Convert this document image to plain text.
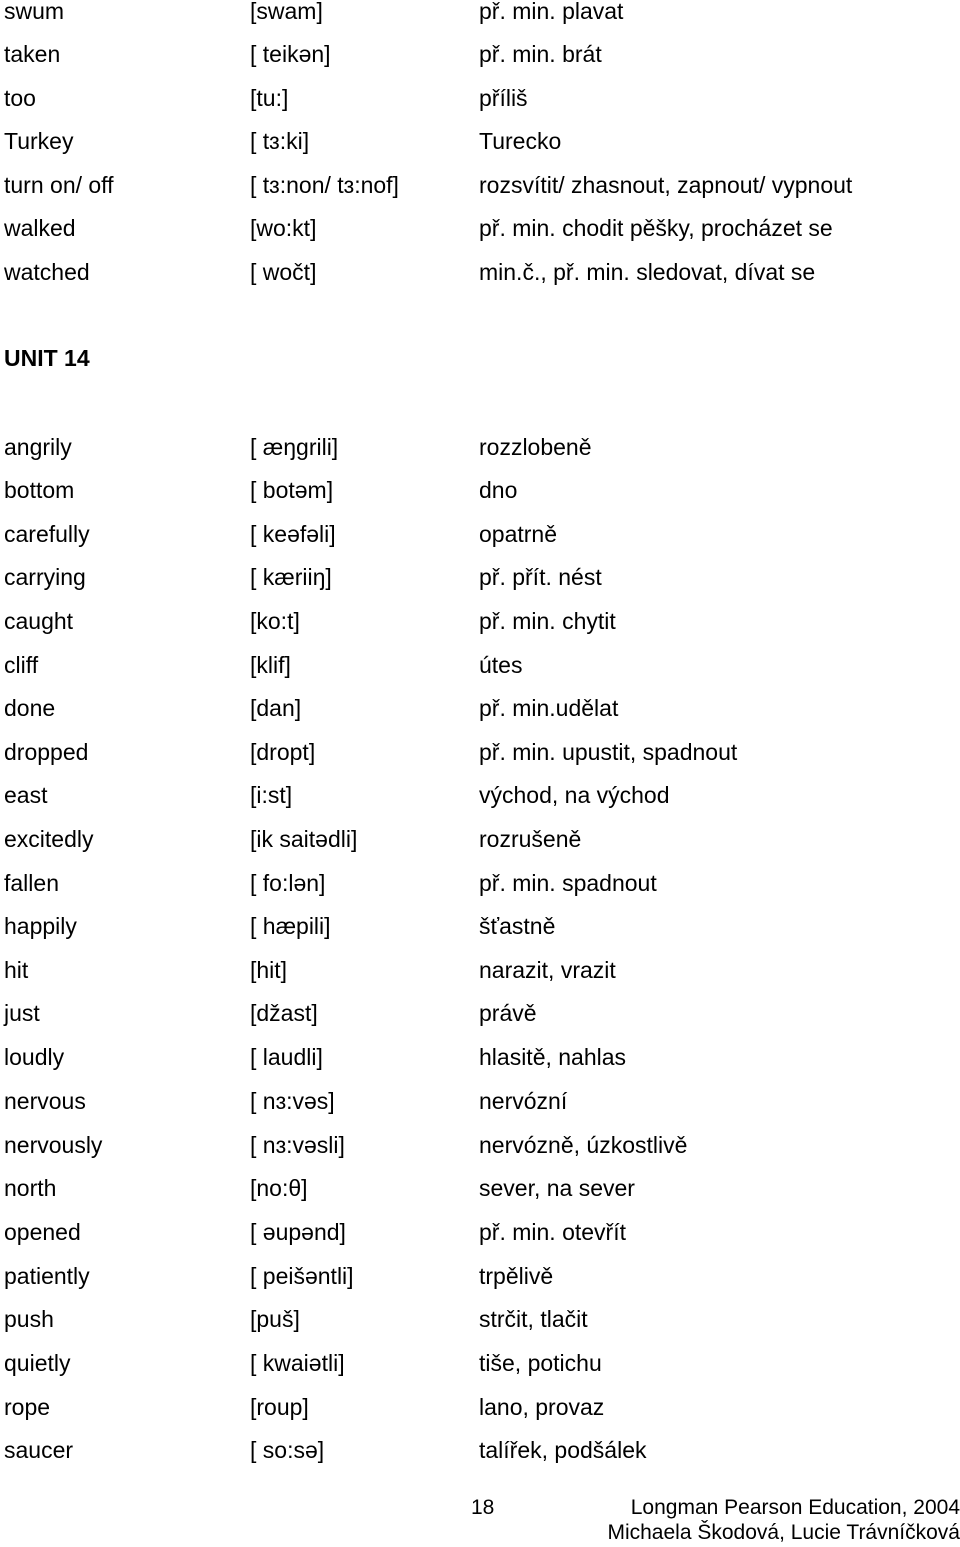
swum	[swam]	př. min. plavat
taken	[ teikən]	př. min. brát
too	[tu:]	příliš
Turkey	[ tɜ:ki]	Turecko
turn on/ off	[ tɜ:non/ tɜ:nof]	rozsvítit/ zhasnout, zapnout/ vypnout
walked	[wo:kt]	př. min. chodit pěšky, procházet se
watched	[ wočt]	min.č., př. min. sledovat, dívat se
UNIT 14
angrily	[ æŋgrili]	rozzlobeně
bottom	[ botəm]	dno
carefully	[ keəfəli]	opatrně
carrying	[ kæriiŋ]	př. přít. nést
caught	[ko:t]	př. min. chytit
cliff	[klif]	útes
done	[dan]	př. min.udělat
dropped	[dropt]	př. min. upustit, spadnout
east	[i:st]	východ, na východ
excitedly	[ik saitədli]	rozrušeně
fallen	[ fo:lən]	př. min. spadnout
happily	[ hæpili]	šťastně
hit	[hit]	narazit, vrazit
just	[džast]	právě
loudly	[ laudli]	hlasitě, nahlas
nervous	[ nɜ:vəs]	nervózní
nervously	[ nɜ:vəsli]	nervózně, úzkostlivě
north	[no:θ]	sever, na sever
opened	[ əupənd]	př. min. otevřít
patiently	[ peišəntli]	trpělivě
push	[puš]	strčit, tlačit
quietly	[ kwaiətli]	tiše, potichu
rope	[roup]	lano, provaz
saucer	[ so:sə]	talířek, podšálek
18	Longman Pearson Education, 2004
Michaela Škodová, Lucie Trávníčková
